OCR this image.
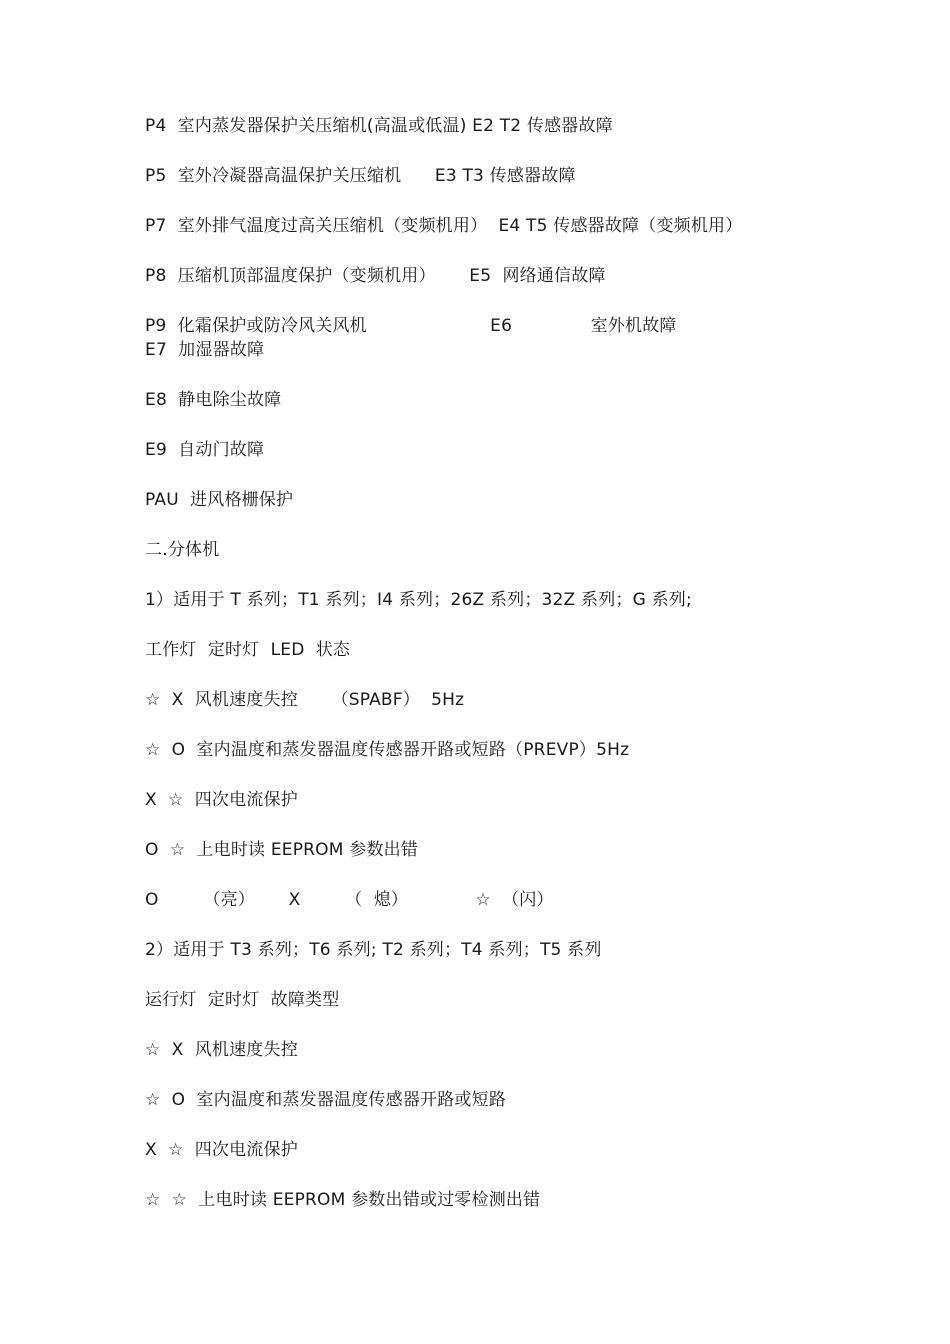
P4  室内蒸发器保护关压缩机(高温或低温) E2 T2 传感器故障
P5  室外冷凝器高温保护关压缩机      E3 T3 传感器故障
P7  室外排气温度过高关压缩机（变频机用）  E4 T5 传感器故障（变频机用）
P8  压缩机顶部温度保护（变频机用）      E5  网络通信故障
P9  化霜保护或防冷风关风机                      E6              室外机故障
E7  加湿器故障
E8  静电除尘故障
E9  自动门故障
PAU  进风格栅保护
二.分体机
1）适用于 T 系列；T1 系列；I4 系列；26Z 系列；32Z 系列；G 系列;
工作灯  定时灯  LED  状态
☆  X  风机速度失控      （SPABF）  5Hz
☆  O  室内温度和蒸发器温度传感器开路或短路（PREVP）5Hz
X  ☆  四次电流保护
O  ☆  上电时读 EEPROM 参数出错
O        （亮）      X        （  熄）            ☆  （闪）
2）适用于 T3 系列；T6 系列; T2 系列；T4 系列；T5 系列
运行灯  定时灯  故障类型
☆  X  风机速度失控
☆  O  室内温度和蒸发器温度传感器开路或短路
X  ☆  四次电流保护
☆  ☆  上电时读 EEPROM 参数出错或过零检测出错
